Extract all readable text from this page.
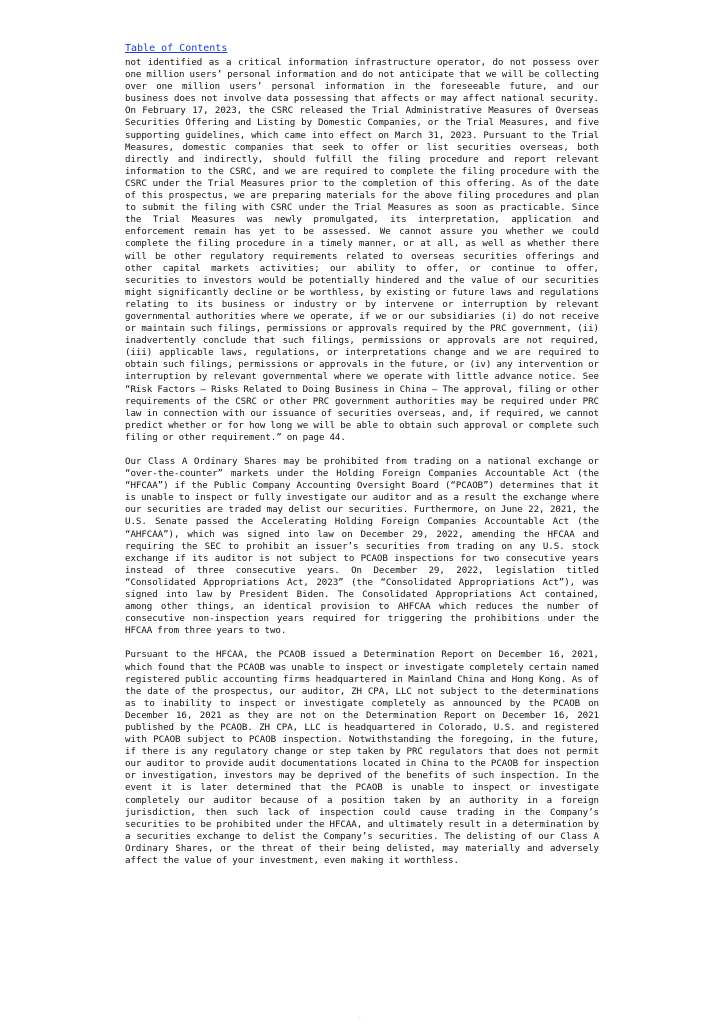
Table of Contents

not identified as a critical information infrastructure operator, do not possess over one million users’ personal information and do not anticipate that we will be collecting over one million users’ personal information in the foreseeable future, and our business does not involve data possessing that affects or may affect national security. On February 17, 2023, the CSRC released the Trial Administrative Measures of Overseas Securities Offering and Listing by Domestic Companies, or the Trial Measures, and five supporting guidelines, which came into effect on March 31, 2023. Pursuant to the Trial Measures, domestic companies that seek to offer or list securities overseas, both directly and indirectly, should fulfill the filing procedure and report relevant information to the CSRC, and we are required to complete the filing procedure with the CSRC under the Trial Measures prior to the completion of this offering. As of the date of this prospectus, we are preparing materials for the above filing procedures and plan to submit the filing with CSRC under the Trial Measures as soon as practicable. Since the Trial Measures was newly promulgated, its interpretation, application and enforcement remain has yet to be assessed. We cannot assure you whether we could complete the filing procedure in a timely manner, or at all, as well as whether there will be other regulatory requirements related to overseas securities offerings and other capital markets activities; our ability to offer, or continue to offer, securities to investors would be potentially hindered and the value of our securities might significantly decline or be worthless, by existing or future laws and regulations relating to its business or industry or by intervene or interruption by relevant governmental authorities where we operate, if we or our subsidiaries (i) do not receive or maintain such filings, permissions or approvals required by the PRC government, (ii) inadvertently conclude that such filings, permissions or approvals are not required, (iii) applicable laws, regulations, or interpretations change and we are required to obtain such filings, permissions or approvals in the future, or (iv) any intervention or interruption by relevant governmental where we operate with little advance notice. See “Risk Factors — Risks Related to Doing Business in China — The approval, filing or other requirements of the CSRC or other PRC government authorities may be required under PRC law in connection with our issuance of securities overseas, and, if required, we cannot predict whether or for how long we will be able to obtain such approval or complete such filing or other requirement.” on page 44.

Our Class A Ordinary Shares may be prohibited from trading on a national exchange or “over-the-counter” markets under the Holding Foreign Companies Accountable Act (the “HFCAA”) if the Public Company Accounting Oversight Board (“PCAOB”) determines that it is unable to inspect or fully investigate our auditor and as a result the exchange where our securities are traded may delist our securities. Furthermore, on June 22, 2021, the U.S. Senate passed the Accelerating Holding Foreign Companies Accountable Act (the “AHFCAA”), which was signed into law on December 29, 2022, amending the HFCAA and requiring the SEC to prohibit an issuer’s securities from trading on any U.S. stock exchange if its auditor is not subject to PCAOB inspections for two consecutive years instead of three consecutive years. On December 29, 2022, legislation titled “Consolidated Appropriations Act, 2023” (the “Consolidated Appropriations Act”), was signed into law by President Biden. The Consolidated Appropriations Act contained, among other things, an identical provision to AHFCAA which reduces the number of consecutive non-inspection years required for triggering the prohibitions under the HFCAA from three years to two.

Pursuant to the HFCAA, the PCAOB issued a Determination Report on December 16, 2021, which found that the PCAOB was unable to inspect or investigate completely certain named registered public accounting firms headquartered in Mainland China and Hong Kong. As of the date of the prospectus, our auditor, ZH CPA, LLC not subject to the determinations as to inability to inspect or investigate completely as announced by the PCAOB on December 16, 2021 as they are not on the Determination Report on December 16, 2021 published by the PCAOB. ZH CPA, LLC is headquartered in Colorado, U.S. and registered with PCAOB subject to PCAOB inspection. Notwithstanding the foregoing, in the future, if there is any regulatory change or step taken by PRC regulators that does not permit our auditor to provide audit documentations located in China to the PCAOB for inspection or investigation, investors may be deprived of the benefits of such inspection. In the event it is later determined that the PCAOB is unable to inspect or investigate completely our auditor because of a position taken by an authority in a foreign jurisdiction, then such lack of inspection could cause trading in the Company’s securities to be prohibited under the HFCAA, and ultimately result in a determination by a securities exchange to delist the Company’s securities. The delisting of our Class A Ordinary Shares, or the threat of their being delisted, may materially and adversely affect the value of your investment, even making it worthless.

·
